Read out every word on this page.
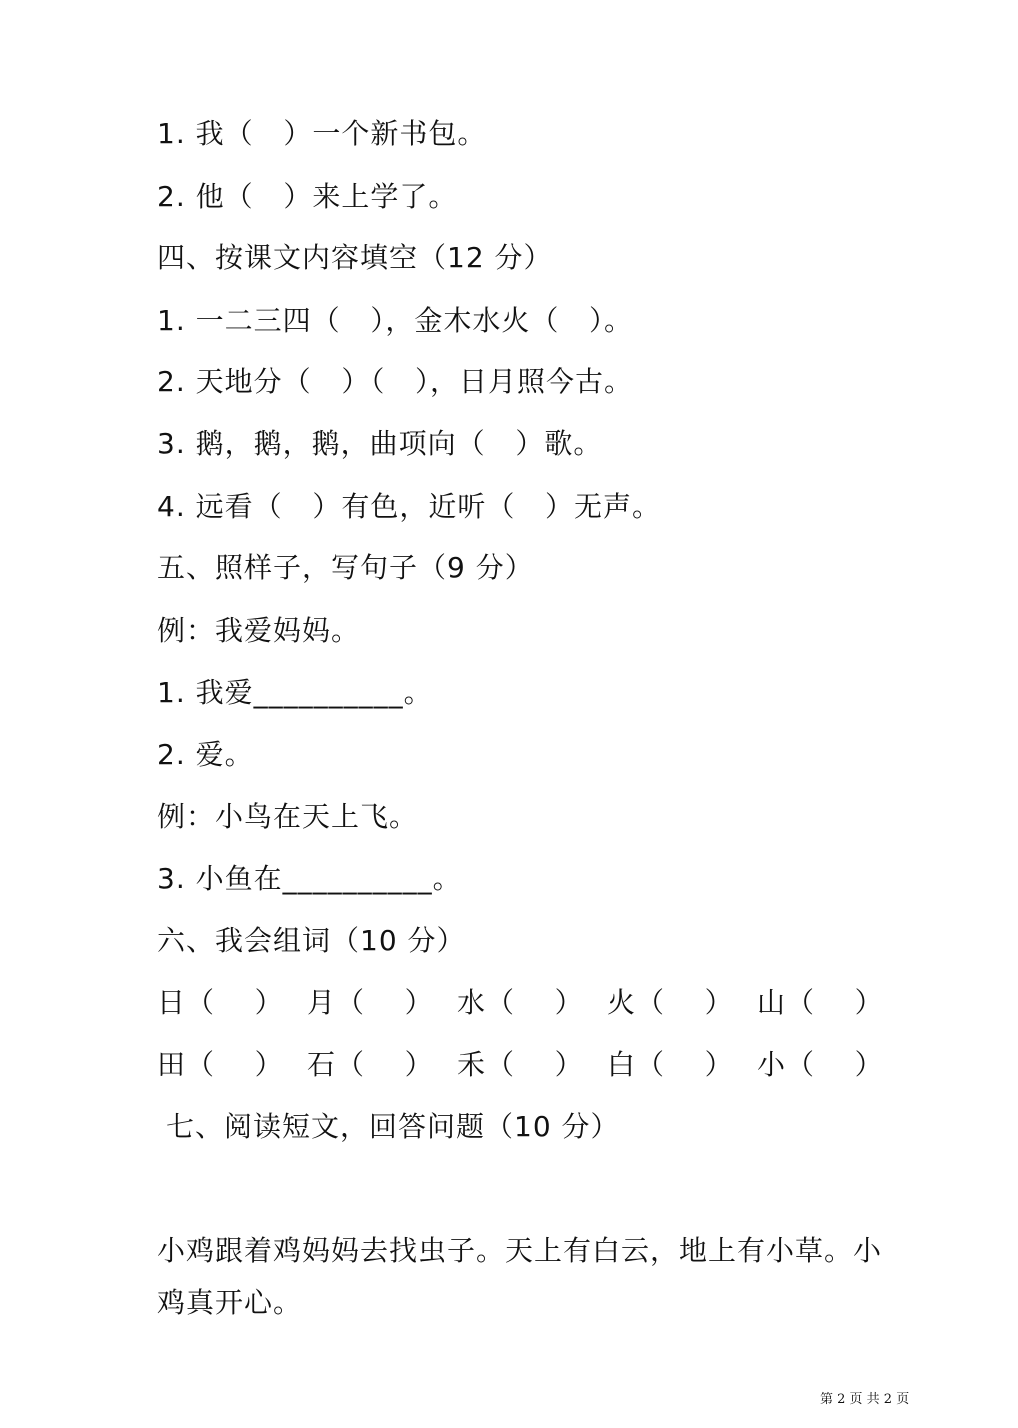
1. 我（   ）一个新书包。
2. 他（   ）来上学了。
四、按课文内容填空（12 分）
1. 一二三四（   ），金木水火（   ）。
2. 天地分（   ）（   ），日月照今古。
3. 鹅，鹅，鹅，曲项向（   ）歌。
4. 远看（   ）有色，近听（   ）无声。
五、照样子，写句子（9 分）
例：我爱妈妈。
1. 我爱__________。
2. 爱。
例：小鸟在天上飞。
3. 小鱼在__________。
六、我会组词（10 分）
日（    ） 月（    ） 水（    ） 火（    ） 山（    ）
田（    ） 石（    ） 禾（    ） 白（    ） 小（    ）
七、阅读短文，回答问题（10 分）
小鸡跟着鸡妈妈去找虫子。天上有白云，地上有小草。小
鸡真开心。
第 2 页 共 2 页
